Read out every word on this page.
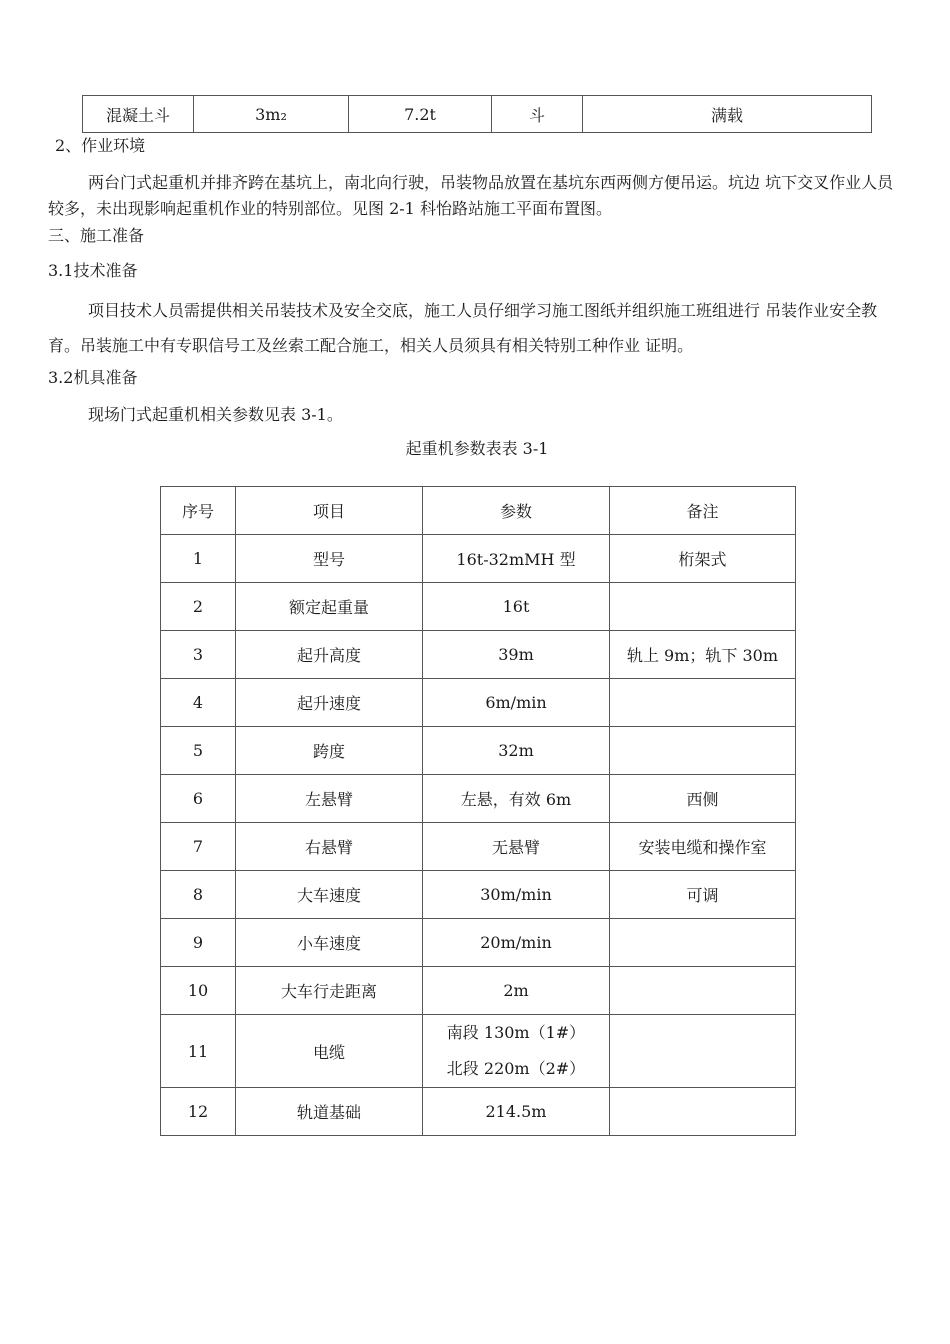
混凝土斗	3m₂	7.2t	斗	满载
2、作业环境
两台门式起重机并排齐跨在基坑上，南北向行驶，吊装物品放置在基坑东西两侧方便吊运。坑边 坑下交叉作业人员较多，未出现影响起重机作业的特别部位。见图 2-1 科怡路站施工平面布置图。
三、施工准备
3.1技术准备
项目技术人员需提供相关吊装技术及安全交底，施工人员仔细学习施工图纸并组织施工班组进行 吊装作业安全教育。吊装施工中有专职信号工及丝索工配合施工，相关人员须具有相关特别工种作业 证明。
3.2机具准备
现场门式起重机相关参数见表 3-1。
起重机参数表表 3-1
序号	项目	参数	备注
1	型号	16t-32mMH 型	桁架式
2	额定起重量	16t	
3	起升高度	39m	轨上 9m；轨下 30m
4	起升速度	6m/min	
5	跨度	32m	
6	左悬臂	左悬，有效 6m	西侧
7	右悬臂	无悬臂	安装电缆和操作室
8	大车速度	30m/min	可调
9	小车速度	20m/min	
10	大车行走距离	2m	
11	电缆	南段 130m（1#）
北段 220m（2#）	

12	轨道基础	214.5m	
